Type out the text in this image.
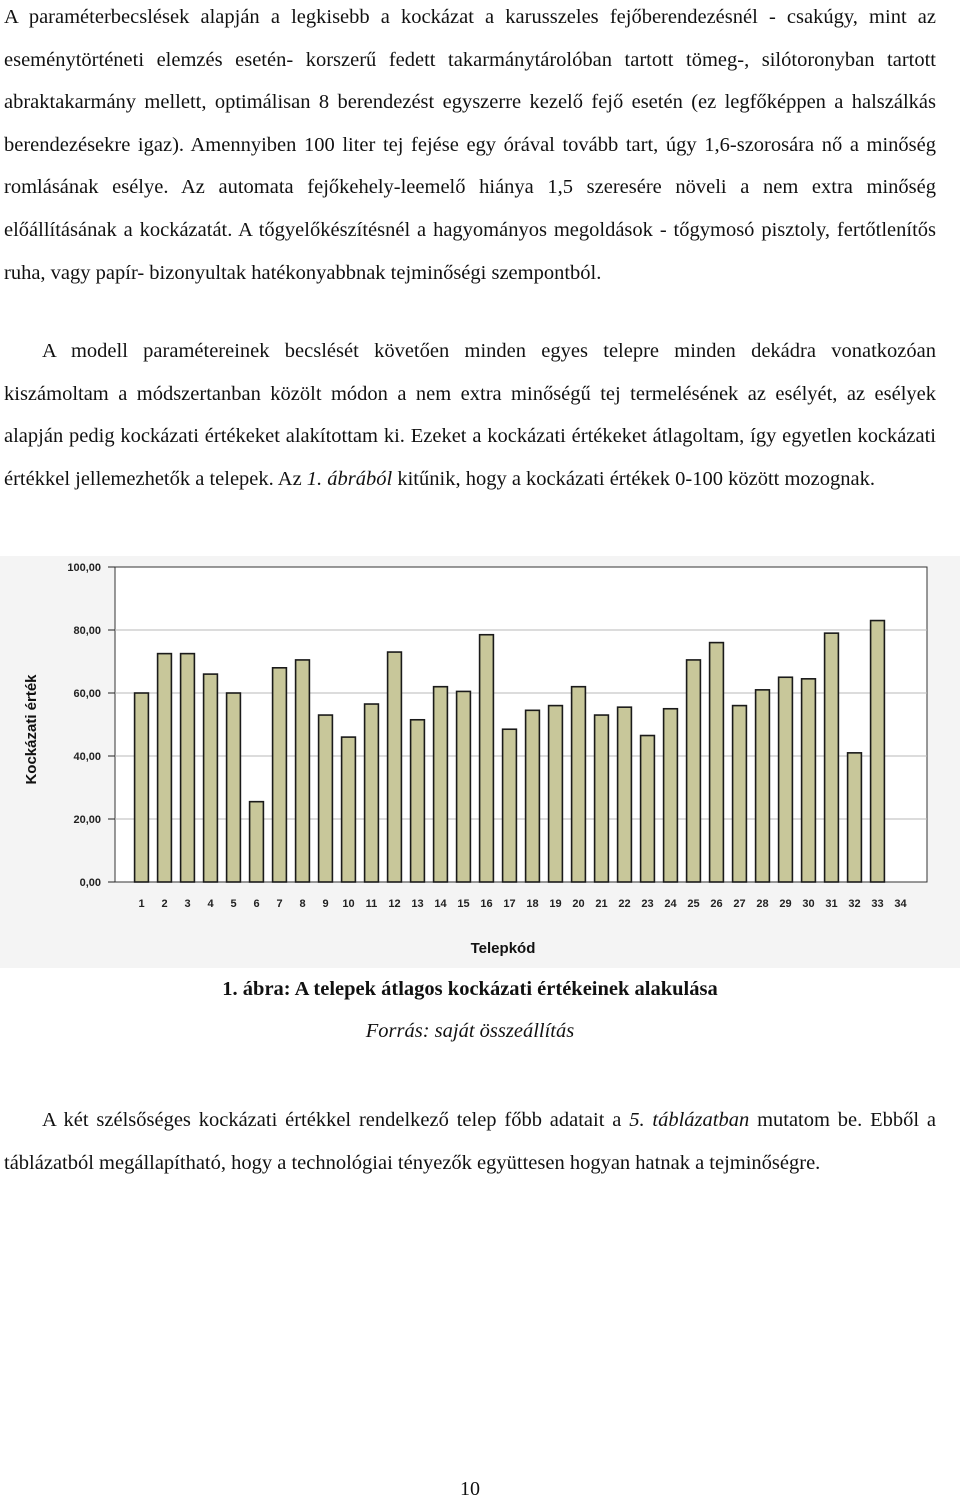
A paraméterbecslések alapján a legkisebb a kockázat a karusszeles fejőberendezésnél - csakúgy, mint az eseménytörténeti elemzés esetén- korszerű fedett takarmánytárolóban tartott tömeg-, silótoronyban tartott abraktakarmány mellett, optimálisan 8 berendezést egyszerre kezelő fejő esetén (ez legfőképpen a halszálkás berendezésekre igaz). Amennyiben 100 liter tej fejése egy órával tovább tart, úgy 1,6-szorosára nő a minőség romlásának esélye. Az automata fejőkehely-leemelő hiánya 1,5 szeresére növeli a nem extra minőség előállításának a kockázatát. A tőgyelőkészítésnél a hagyományos megoldások - tőgymosó pisztoly, fertőtlenítős ruha, vagy papír- bizonyultak hatékonyabbnak tejminőségi szempontból.

A modell paramétereinek becslését követően minden egyes telepre minden dekádra vonatkozóan kiszámoltam a módszertanban közölt módon a nem extra minőségű tej termelésének az esélyét, az esélyek alapján pedig kockázati értékeket alakítottam ki. Ezeket a kockázati értékeket átlagoltam, így egyetlen kockázati értékkel jellemezhetők a telepek. Az 1. ábrából kitűnik, hogy a kockázati értékek 0-100 között mozognak.

0,00
20,00
40,00
60,00
80,00
100,00
1 2 3 4 5 6 7 8 9 10 11 12 13 14 15 16 17 18 19 20 21 22 23 24 25 26 27 28 29 30 31 32 33 34
Telepkód
Kockázati érték

1. ábra: A telepek átlagos kockázati értékeinek alakulása

Forrás: saját összeállítás

A két szélsőséges kockázati értékkel rendelkező telep főbb adatait a 5. táblázatban mutatom be. Ebből a táblázatból megállapítható, hogy a technológiai tényezők együttesen hogyan hatnak a tejminőségre.

10
